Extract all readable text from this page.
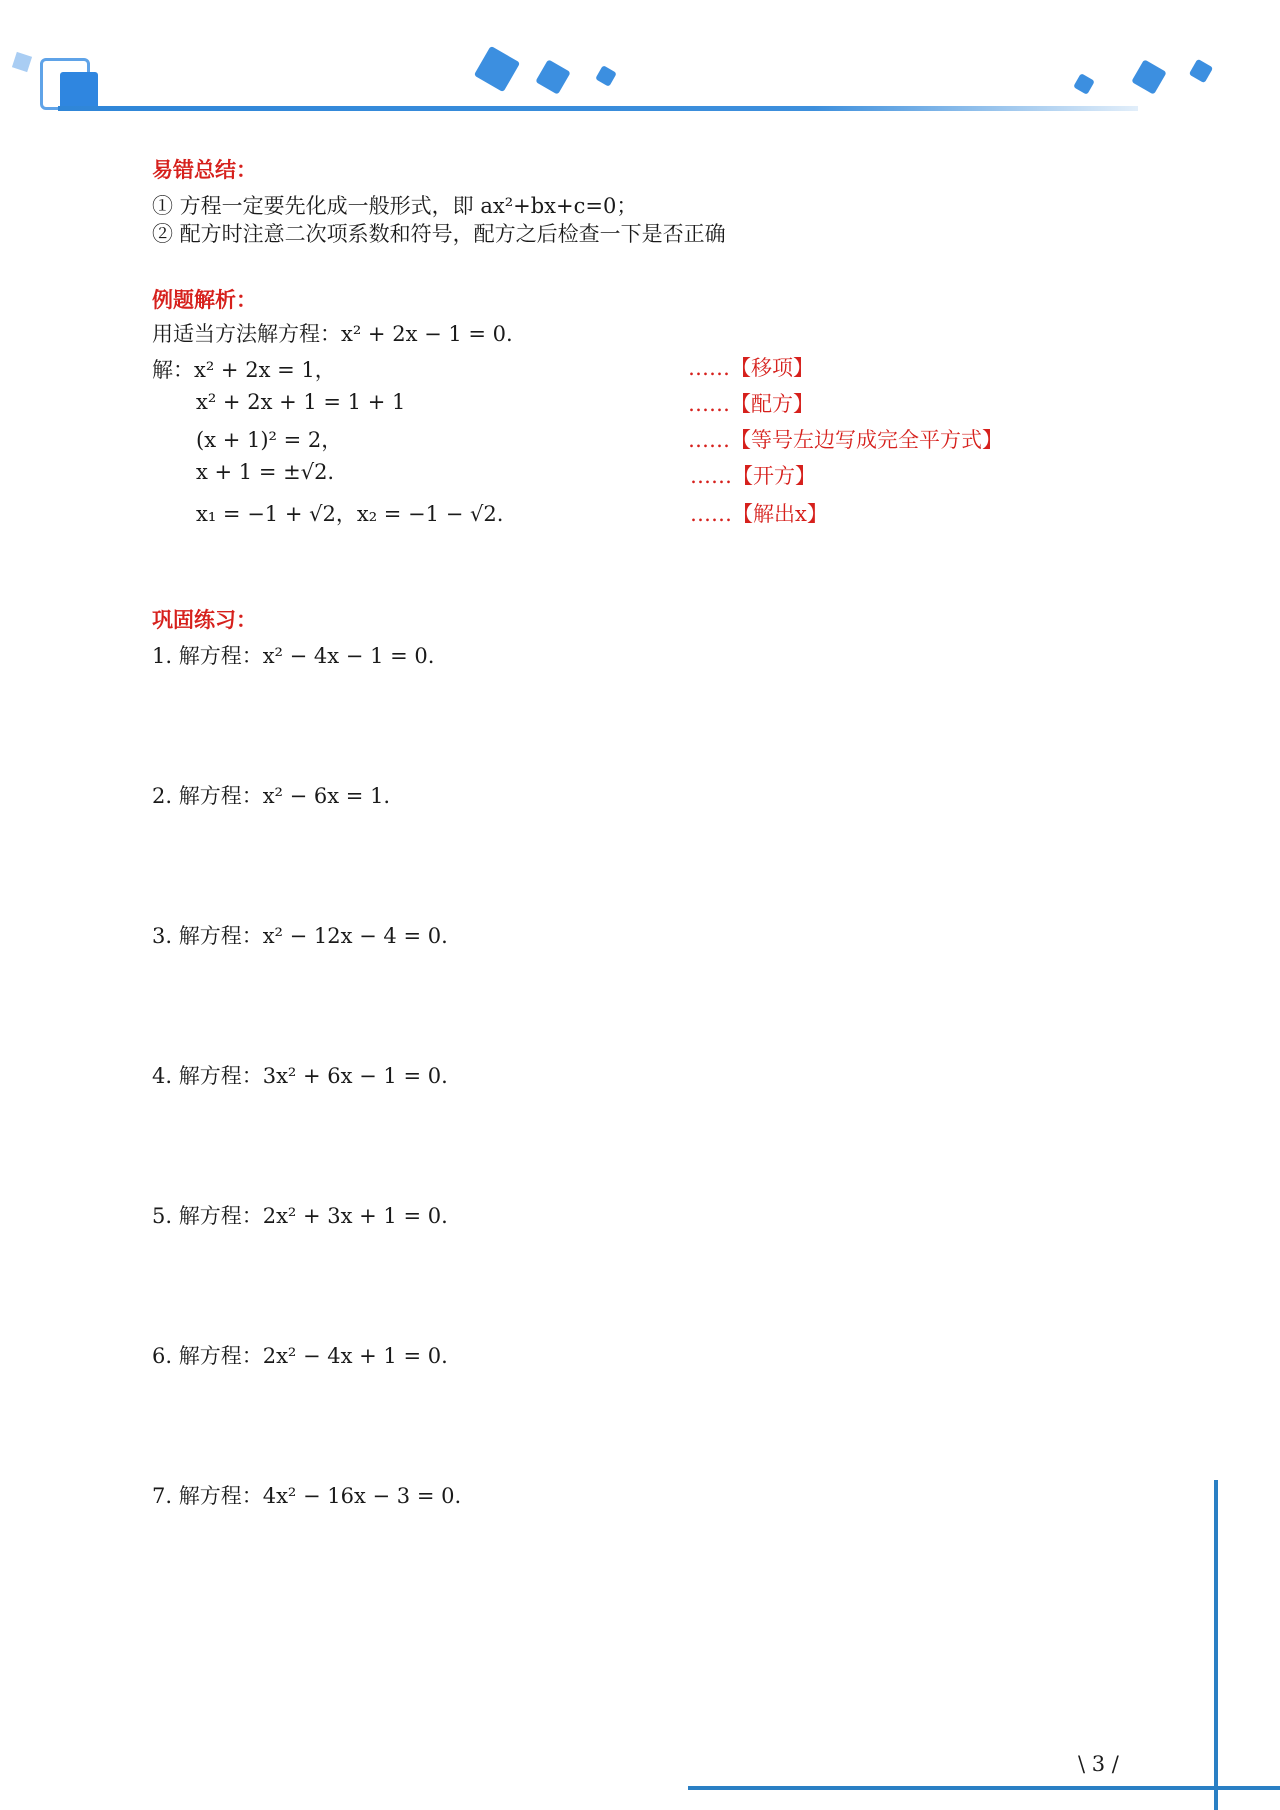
易错总结：
① 方程一定要先化成一般形式，即 ax²+bx+c=0；
② 配方时注意二次项系数和符号，配方之后检查一下是否正确
例题解析：
用适当方法解方程：x² + 2x − 1 = 0.
解：x² + 2x = 1，	……【移项】
x² + 2x + 1 = 1 + 1	……【配方】
(x + 1)² = 2，	……【等号左边写成完全平方式】
x + 1 = ±√2.	……【开方】
x₁ = −1 + √2，x₂ = −1 − √2.	……【解出x】
巩固练习：
1. 解方程：x² − 4x − 1 = 0.
2. 解方程：x² − 6x = 1.
3. 解方程：x² − 12x − 4 = 0.
4. 解方程：3x² + 6x − 1 = 0.
5. 解方程：2x² + 3x + 1 = 0.
6. 解方程：2x² − 4x + 1 = 0.
7. 解方程：4x² − 16x − 3 = 0.
\ 3 /
